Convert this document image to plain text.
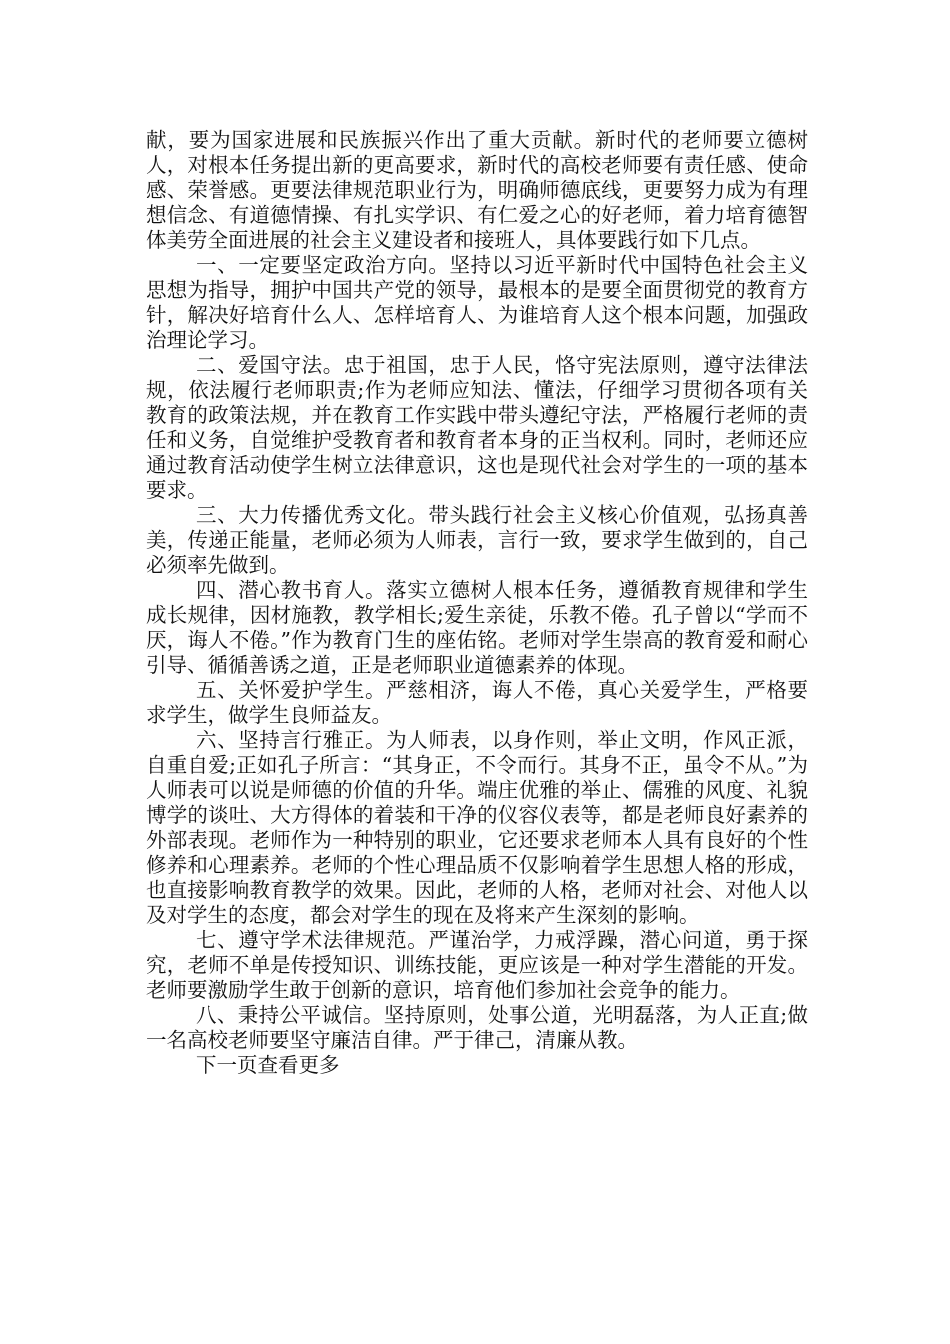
献，要为国家进展和民族振兴作出了重大贡献。新时代的老师要立德树人，对根本任务提出新的更高要求，新时代的高校老师要有责任感、使命感、荣誉感。更要法律规范职业行为，明确师德底线，更要努力成为有理想信念、有道德情操、有扎实学识、有仁爱之心的好老师，着力培育德智体美劳全面进展的社会主义建设者和接班人，具体要践行如下几点。

一、一定要坚定政治方向。坚持以习近平新时代中国特色社会主义思想为指导，拥护中国共产党的领导，最根本的是要全面贯彻党的教育方针，解决好培育什么人、怎样培育人、为谁培育人这个根本问题，加强政治理论学习。

二、爱国守法。忠于祖国，忠于人民，恪守宪法原则，遵守法律法规，依法履行老师职责;作为老师应知法、懂法，仔细学习贯彻各项有关教育的政策法规，并在教育工作实践中带头遵纪守法，严格履行老师的责任和义务，自觉维护受教育者和教育者本身的正当权利。同时，老师还应通过教育活动使学生树立法律意识，这也是现代社会对学生的一项的基本要求。

三、大力传播优秀文化。带头践行社会主义核心价值观，弘扬真善美，传递正能量，老师必须为人师表，言行一致，要求学生做到的，自己必须率先做到。

四、潜心教书育人。落实立德树人根本任务，遵循教育规律和学生成长规律，因材施教，教学相长;爱生亲徒，乐教不倦。孔子曾以“学而不厌，诲人不倦。”作为教育门生的座佑铭。老师对学生崇高的教育爱和耐心引导、循循善诱之道，正是老师职业道德素养的体现。

五、关怀爱护学生。严慈相济，诲人不倦，真心关爱学生，严格要求学生，做学生良师益友。

六、坚持言行雅正。为人师表，以身作则，举止文明，作风正派，自重自爱;正如孔子所言：“其身正，不令而行。其身不正，虽令不从。”为人师表可以说是师德的价值的升华。端庄优雅的举止、儒雅的风度、礼貌博学的谈吐、大方得体的着装和干净的仪容仪表等，都是老师良好素养的外部表现。老师作为一种特别的职业，它还要求老师本人具有良好的个性修养和心理素养。老师的个性心理品质不仅影响着学生思想人格的形成，也直接影响教育教学的效果。因此，老师的人格，老师对社会、对他人以及对学生的态度，都会对学生的现在及将来产生深刻的影响。

七、遵守学术法律规范。严谨治学，力戒浮躁，潜心问道，勇于探究，老师不单是传授知识、训练技能，更应该是一种对学生潜能的开发。老师要激励学生敢于创新的意识，培育他们参加社会竞争的能力。

八、秉持公平诚信。坚持原则，处事公道，光明磊落，为人正直;做一名高校老师要坚守廉洁自律。严于律己，清廉从教。

下一页查看更多
